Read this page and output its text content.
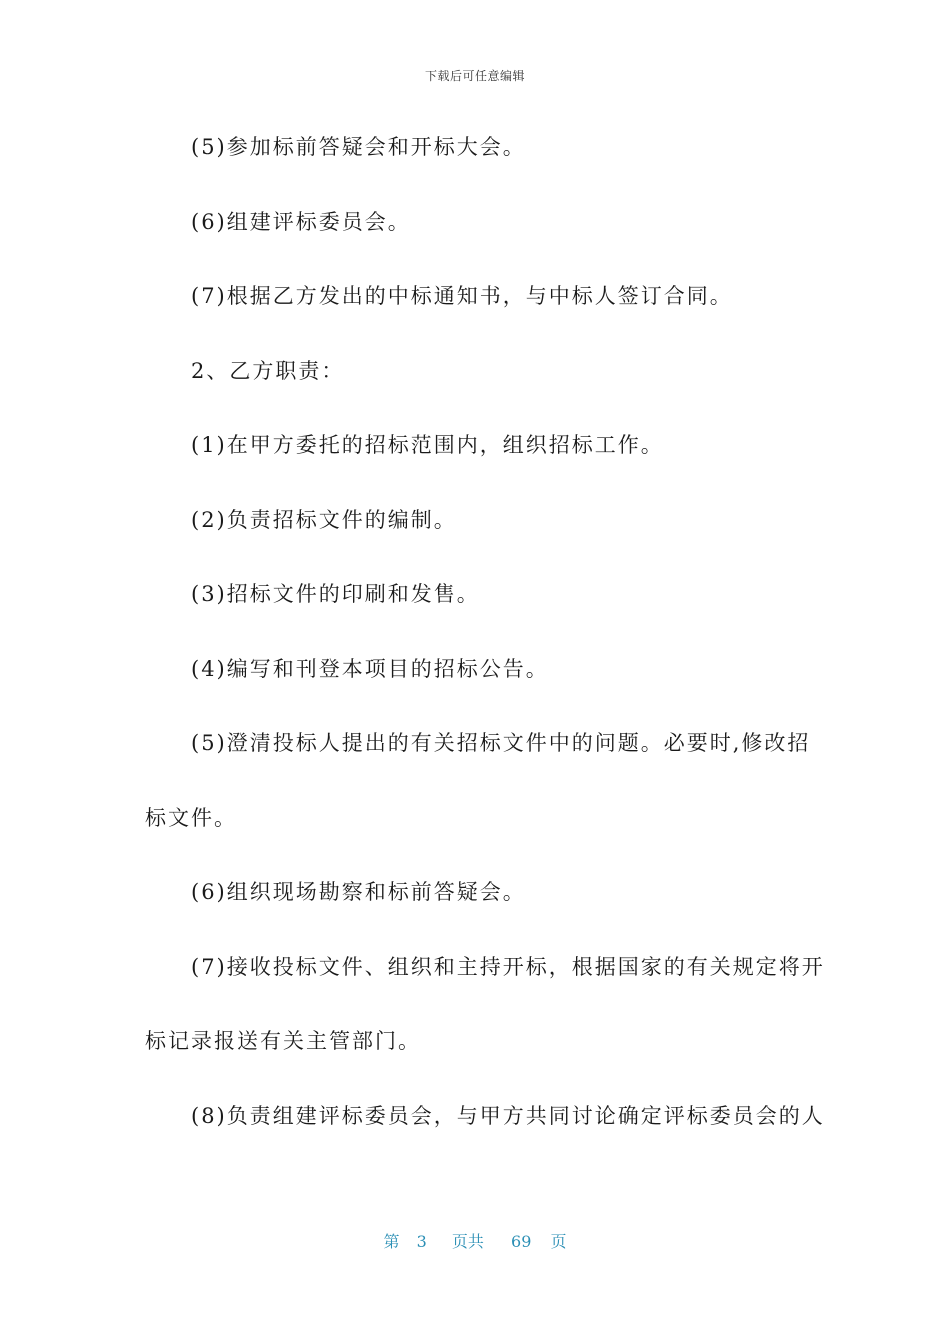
下载后可任意编辑
(5)参加标前答疑会和开标大会。
(6)组建评标委员会。
(7)根据乙方发出的中标通知书，与中标人签订合同。
2、乙方职责：
(1)在甲方委托的招标范围内，组织招标工作。
(2)负责招标文件的编制。
(3)招标文件的印刷和发售。
(4)编写和刊登本项目的招标公告。
(5)澄清投标人提出的有关招标文件中的问题。必要时,修改招
标文件。
(6)组织现场勘察和标前答疑会。
(7)接收投标文件、组织和主持开标，根据国家的有关规定将开
标记录报送有关主管部门。
(8)负责组建评标委员会，与甲方共同讨论确定评标委员会的人
第 3 页共 69 页
